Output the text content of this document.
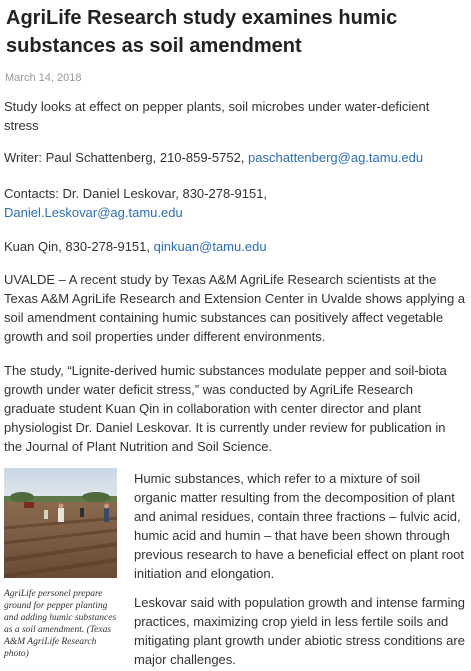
AgriLife Research study examines humic substances as soil amendment
March 14, 2018

Study looks at effect on pepper plants, soil microbes under water-deficient stress

Writer: Paul Schattenberg, 210-859-5752, paschattenberg@ag.tamu.edu

Contacts: Dr. Daniel Leskovar, 830-278-9151,
Daniel.Leskovar@ag.tamu.edu

Kuan Qin, 830-278-9151, qinkuan@tamu.edu

UVALDE – A recent study by Texas A&M AgriLife Research scientists at the Texas A&M AgriLife Research and Extension Center in Uvalde shows applying a soil amendment containing humic substances can positively affect vegetable growth and soil properties under different environments.

The study, “Lignite-derived humic substances modulate pepper and soil-biota growth under water deficit stress,” was conducted by AgriLife Research graduate student Kuan Qin in collaboration with center director and plant physiologist Dr. Daniel Leskovar. It is currently under review for publication in the Journal of Plant Nutrition and Soil Science.

AgriLife personel prepare ground for pepper planting and adding humic substances as a soil amendment. (Texas A&M AgriLife Research photo)

Humic substances, which refer to a mixture of soil organic matter resulting from the decomposition of plant and animal residues, contain three fractions – fulvic acid, humic acid and humin – that have been shown through previous research to have a beneficial effect on plant root initiation and elongation.

Leskovar said with population growth and intense farming practices, maximizing crop yield in less fertile soils and mitigating plant growth under abiotic stress conditions are major challenges.
